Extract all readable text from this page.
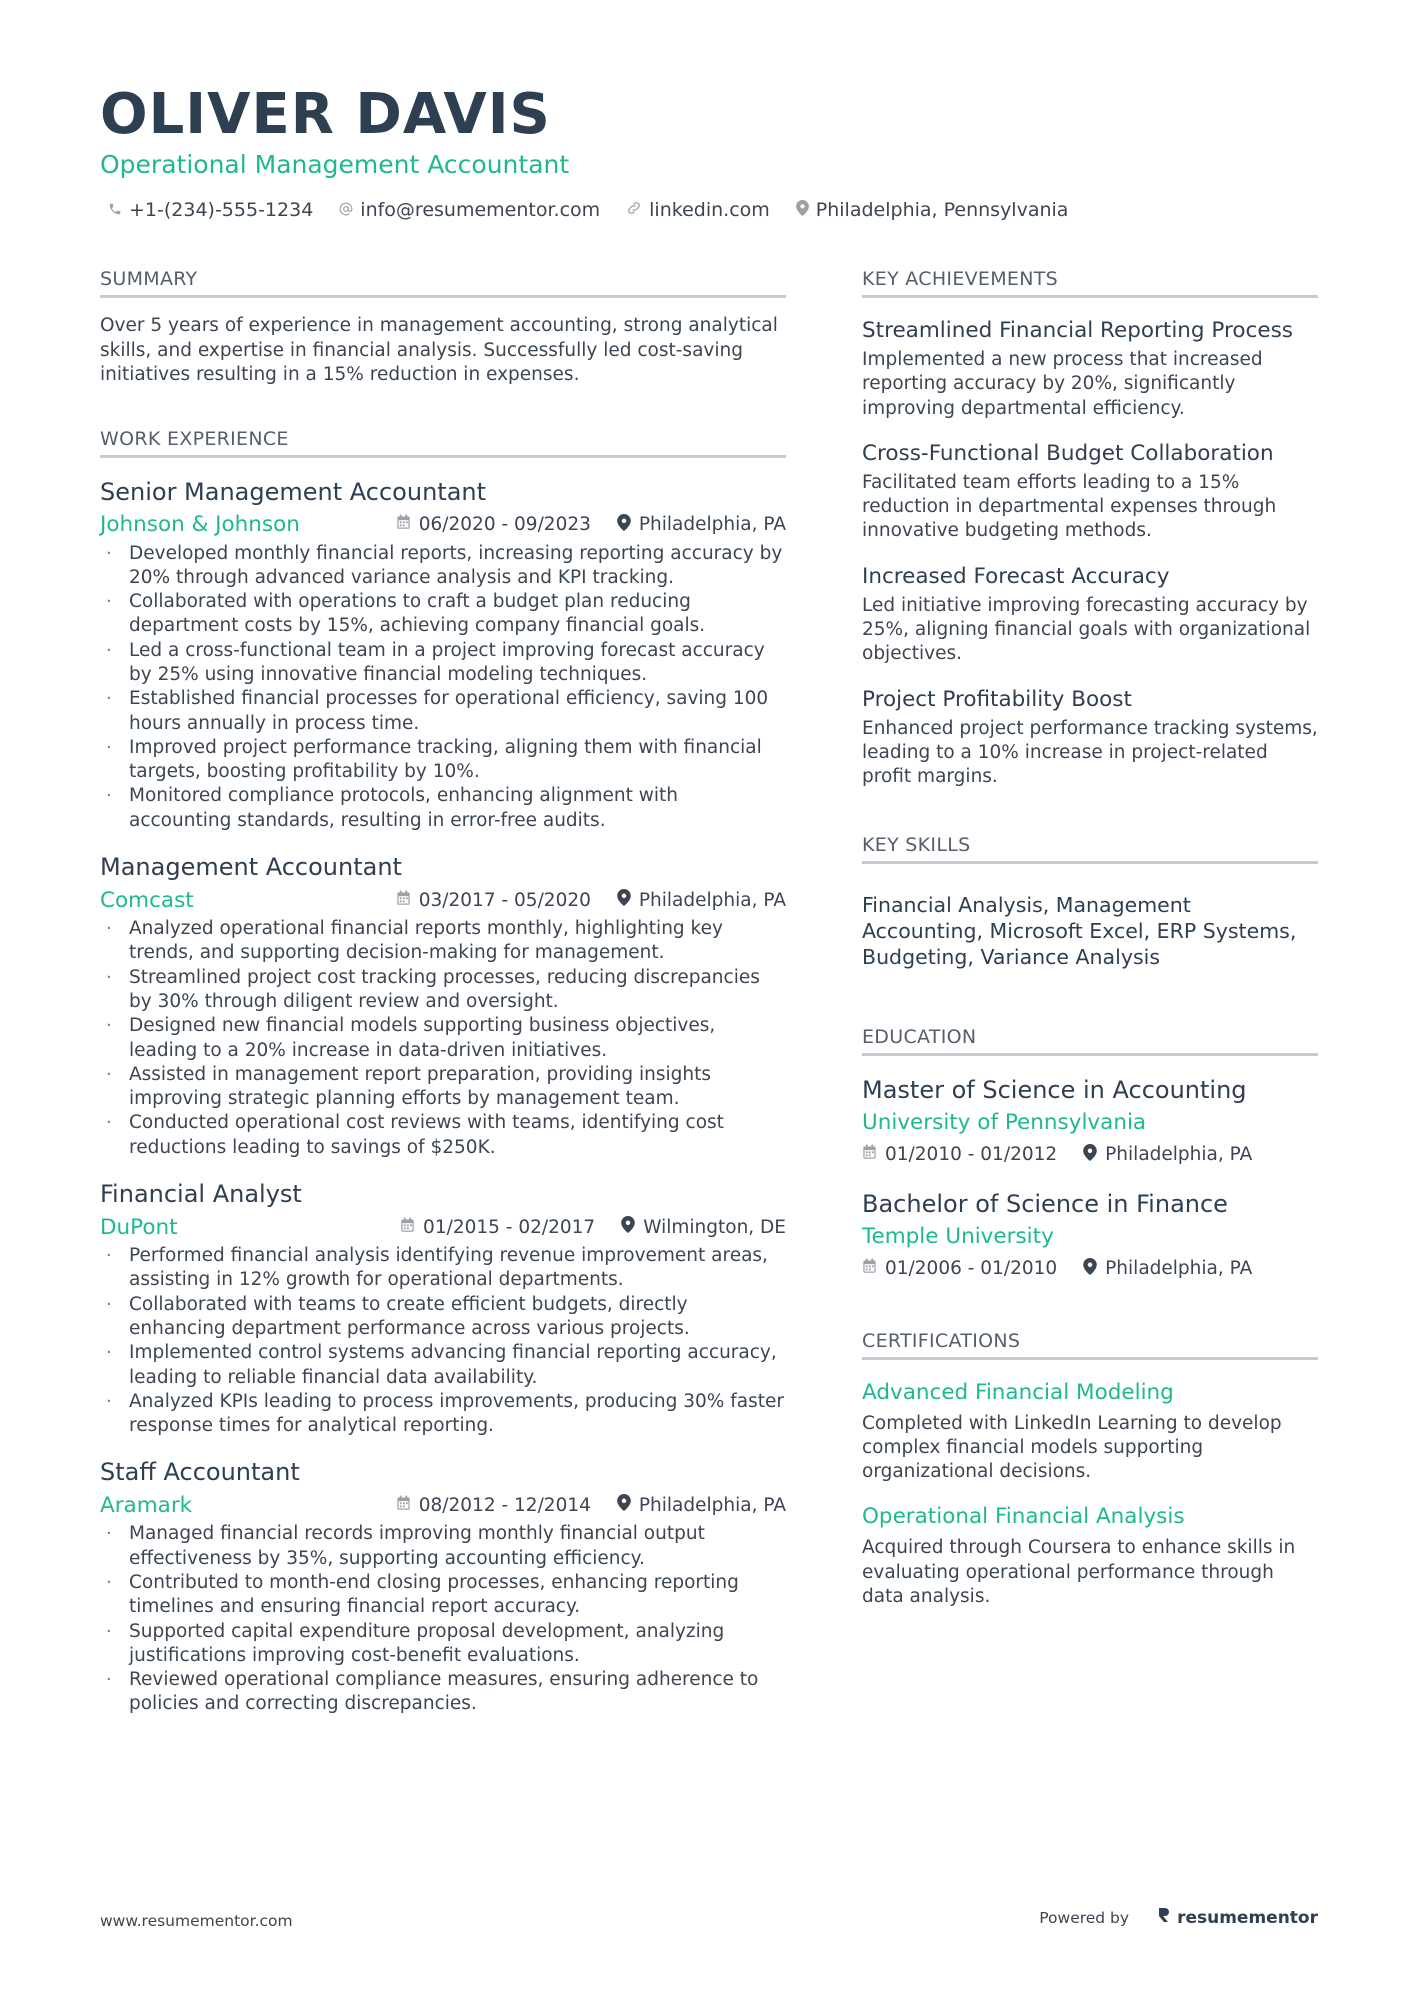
OLIVER DAVIS
Operational Management Accountant
+1-(234)-555-1234 info@resumementor.com	linkedin.com Philadelphia, Pennsylvania
SUMMARY

Over 5 years of experience in management accounting, strong analytical skills, and expertise in financial analysis. Successfully led cost-saving initiatives resulting in a 15% reduction in expenses.

WORK EXPERIENCE
Senior Management Accountant
Johnson & Johnson	06/2020 - 09/2023	Philadelphia, PA
· Developed monthly financial reports, increasing reporting accuracy by 20% through advanced variance analysis and KPI tracking.
· Collaborated with operations to craft a budget plan reducing department costs by 15%, achieving company financial goals.
· Led a cross-functional team in a project improving forecast accuracy by 25% using innovative financial modeling techniques.
· Established financial processes for operational efficiency, saving 100 hours annually in process time.
· Improved project performance tracking, aligning them with financial targets, boosting profitability by 10%.
· Monitored compliance protocols, enhancing alignment with accounting standards, resulting in error-free audits.
Management Accountant
Comcast	03/2017 - 05/2020	Philadelphia, PA
· Analyzed operational financial reports monthly, highlighting key trends, and supporting decision-making for management.
· Streamlined project cost tracking processes, reducing discrepancies by 30% through diligent review and oversight.
· Designed new financial models supporting business objectives, leading to a 20% increase in data-driven initiatives.
· Assisted in management report preparation, providing insights improving strategic planning efforts by management team.
· Conducted operational cost reviews with teams, identifying cost reductions leading to savings of $250K.
Financial Analyst
DuPont	01/2015 - 02/2017	Wilmington, DE
· Performed financial analysis identifying revenue improvement areas, assisting in 12% growth for operational departments.
· Collaborated with teams to create efficient budgets, directly enhancing department performance across various projects.
· Implemented control systems advancing financial reporting accuracy, leading to reliable financial data availability.
· Analyzed KPIs leading to process improvements, producing 30% faster response times for analytical reporting.
Staff Accountant
Aramark	08/2012 - 12/2014	Philadelphia, PA
· Managed financial records improving monthly financial output effectiveness by 35%, supporting accounting efficiency.
· Contributed to month-end closing processes, enhancing reporting timelines and ensuring financial report accuracy.
· Supported capital expenditure proposal development, analyzing justifications improving cost-benefit evaluations.
· Reviewed operational compliance measures, ensuring adherence to policies and correcting discrepancies.
KEY ACHIEVEMENTS
Streamlined Financial Reporting Process
Implemented a new process that increased reporting accuracy by 20%, significantly improving departmental efficiency.
Cross-Functional Budget Collaboration
Facilitated team efforts leading to a 15% reduction in departmental expenses through innovative budgeting methods.
Increased Forecast Accuracy
Led initiative improving forecasting accuracy by 25%, aligning financial goals with organizational objectives.
Project Profitability Boost
Enhanced project performance tracking systems, leading to a 10% increase in project-related profit margins.
KEY SKILLS

Financial Analysis, Management Accounting, Microsoft Excel, ERP Systems, Budgeting, Variance Analysis

EDUCATION
Master of Science in Accounting
University of Pennsylvania
01/2010 - 01/2012	Philadelphia, PA
Bachelor of Science in Finance
Temple University
01/2006 - 01/2010	Philadelphia, PA
CERTIFICATIONS
Advanced Financial Modeling
Completed with LinkedIn Learning to develop complex financial models supporting organizational decisions.
Operational Financial Analysis
Acquired through Coursera to enhance skills in evaluating operational performance through data analysis.
www.resumementor.com	Powered by	resumementor
